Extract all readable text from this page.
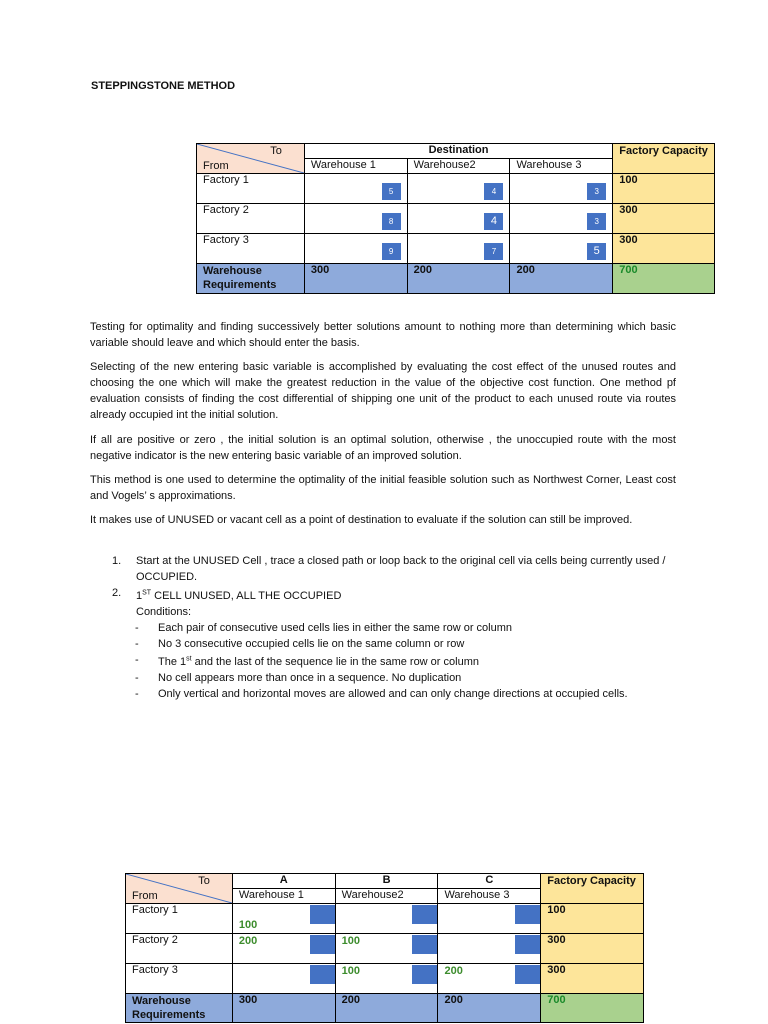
STEPPINGSTONE METHOD
To
From	Destination			Factory Capacity
	Warehouse 1	Warehouse2	Warehouse 3	
Factory 1	5	4	3	100
Factory 2	8	4	3	300
Factory 3	9	7	5	300
Warehouse Requirements	300	200	200	700

Testing for optimality and finding successively better solutions amount to nothing more than determining which basic variable should leave and which should enter the basis.

Selecting of the new entering basic variable is accomplished by evaluating the cost effect of the unused routes and choosing the one which will make the greatest reduction in the value of the objective cost function. One method pf evaluation consists of finding the cost differential of shipping one unit of the product to each unused route via routes already occupied int the initial solution.

If all are positive or zero , the initial solution is an optimal solution, otherwise , the unoccupied route with the most negative indicator is the new entering basic variable of an improved solution.

This method is one used to determine the optimality of the initial feasible solution such as Northwest Corner, Least cost and Vogels’ s approximations.

It makes use of UNUSED or vacant cell as a point of destination to evaluate if the solution can still be improved.

1. Start at the UNUSED Cell , trace a closed path or loop back to the original cell via cells being currently used / OCCUPIED.
2. 1ST CELL UNUSED, ALL THE OCCUPIED
Conditions:
- Each pair of consecutive used cells lies in either the same row or column
- No 3 consecutive occupied cells lie on the same column or row
- The 1st and the last of the sequence lie in the same row or column
- No cell appears more than once in a sequence. No duplication
- Only vertical and horizontal moves are allowed and can only change directions at occupied cells.
To
From	A	B	C	Factory Capacity
	Warehouse 1	Warehouse2	Warehouse 3	
Factory 1	100			100
Factory 2	200	100		300
Factory 3		100	200	300
Warehouse Requirements	300	200	200	700
